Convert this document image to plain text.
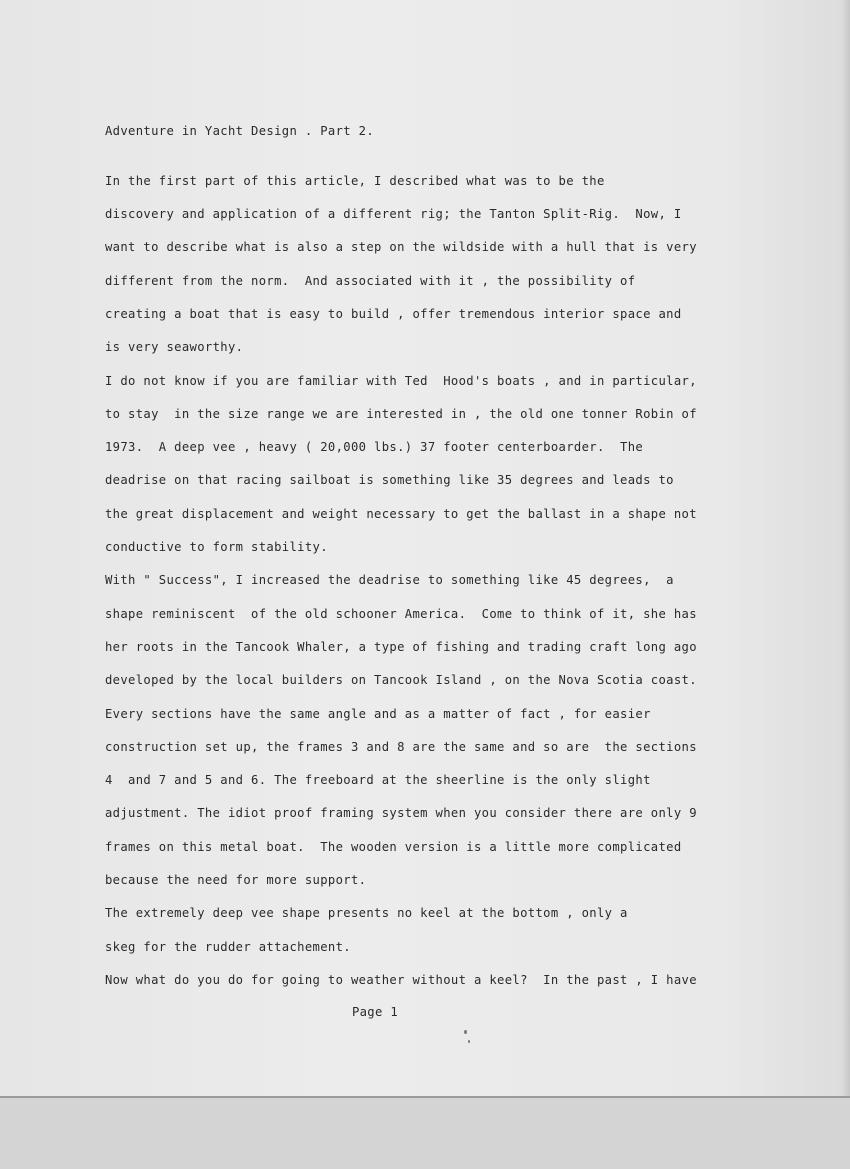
Adventure in Yacht Design . Part 2.
In the first part of this article, I described what was to be the
discovery and application of a different rig; the Tanton Split-Rig.  Now, I
want to describe what is also a step on the wildside with a hull that is very
different from the norm.  And associated with it , the possibility of
creating a boat that is easy to build , offer tremendous interior space and
is very seaworthy.
I do not know if you are familiar with Ted  Hood's boats , and in particular,
to stay  in the size range we are interested in , the old one tonner Robin of
1973.  A deep vee , heavy ( 20,000 lbs.) 37 footer centerboarder.  The
deadrise on that racing sailboat is something like 35 degrees and leads to
the great displacement and weight necessary to get the ballast in a shape not
conductive to form stability.
With " Success", I increased the deadrise to something like 45 degrees,  a
shape reminiscent  of the old schooner America.  Come to think of it, she has
her roots in the Tancook Whaler, a type of fishing and trading craft long ago
developed by the local builders on Tancook Island , on the Nova Scotia coast.
Every sections have the same angle and as a matter of fact , for easier
construction set up, the frames 3 and 8 are the same and so are  the sections
4  and 7 and 5 and 6. The freeboard at the sheerline is the only slight
adjustment. The idiot proof framing system when you consider there are only 9
frames on this metal boat.  The wooden version is a little more complicated
because the need for more support.
The extremely deep vee shape presents no keel at the bottom , only a
skeg for the rudder attachement.
Now what do you do for going to weather without a keel?  In the past , I have
Page 1
